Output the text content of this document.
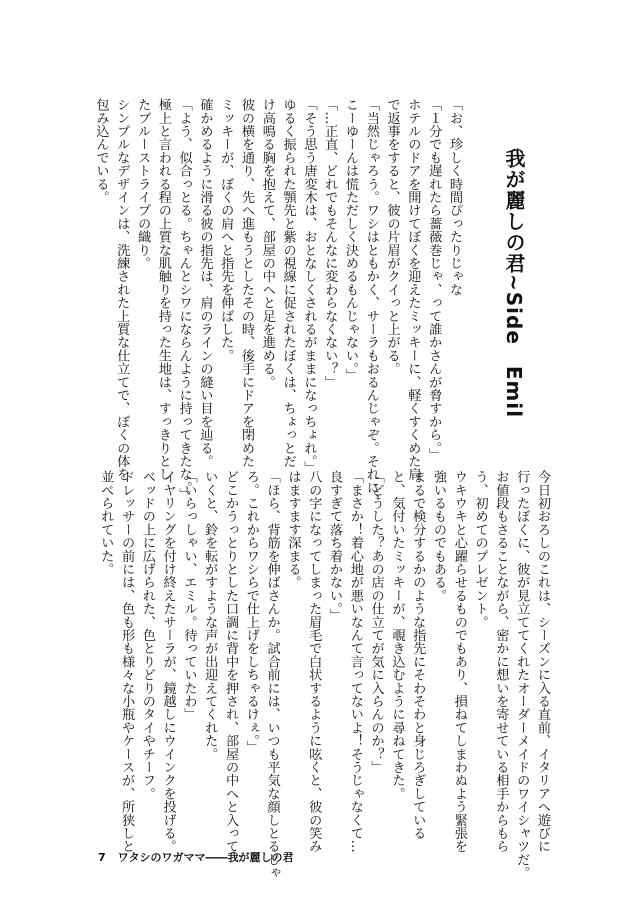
我が麗しの君~Side　Emil
「お、珍しく時間ぴったりじゃな
「１分でも遅れたら薔薇巻じゃ、って誰かさんが脅すから。」
ホテルのドアを開けてぼくを迎えたミッキーに、軽くすくめた肩
で返事をすると、彼の片眉がクイっと上がる。
「当然じゃろう。ワシはともかく、サーラもおるんじゃぞ。それに、
こーゆーんは慌ただしく決めるもんじゃない。」
「…正直、どれでもそんなに変わらなくない？」
「そう思う唐変木は、おとなしくされるがままになっちょれ。」
ゆるく振られた顎先と紫の視線に促されたぼくは、ちょっとだ
け高鳴る胸を抱えて、部屋の中へと足を進める。
彼の横を通り、先へ進もうとしたその時、後手にドアを閉めた
ミッキーが、ぼくの肩へと指先を伸ばした。
確かめるように滑る彼の指先は、肩のラインの縫い目を辿る。
「よう、似合っとる。ちゃんとシワにならんように持ってきたな。」
極上と言われる程の上質な肌触りを持った生地は、すっきりとし
たブルーストライプの織り。
シンプルなデザインは、洗練された上質な仕立てで、ぼくの体を
包み込んでいる。
今日初おろしのこれは、シーズンに入る直前、イタリアへ遊びに
行ったぼくに、彼が見立ててくれたオーダーメイドのワイシャツだ。
お値段もさることながら、密かに想いを寄せている相手からもら
う、初めてのプレゼント。
ウキウキと心躍らせるものでもあり、損ねてしまわぬよう緊張を
強いるものでもある。
まるで検分するかのような指先にそわそわと身じろぎしている
と、気付いたミッキーが、覗き込むように尋ねてきた。
「どうした？あの店の仕立てが気に入らんのか？」
「まさか！着心地が悪いなんて言ってないよ！そうじゃなくて…
良すぎて落ち着かない。」
八の字になってしまった眉毛で白状するように呟くと、彼の笑み
はますます深まる。
「ほら、背筋を伸ばさんか。試合前には、いつも平気な顔しとるじゃ
ろ。これからワシらで仕上げをしちゃるけぇ。」
どこかうっとりとした口調に背中を押され、部屋の中へと入って
いくと、鈴を転がすような声が出迎えてくれた。
「いらっしゃい、エミル。待っていたわ」
イヤリングを付け終えたサーラが、鏡越しにウインクを投げる。
ベッドの上に広げられた、色とりどりのタイやチーフ。
ドレッサーの前には、色も形も様々な小瓶やケースが、所狭しと
並べられていた。
7 ワタシのワガママ――我が麗しの君
